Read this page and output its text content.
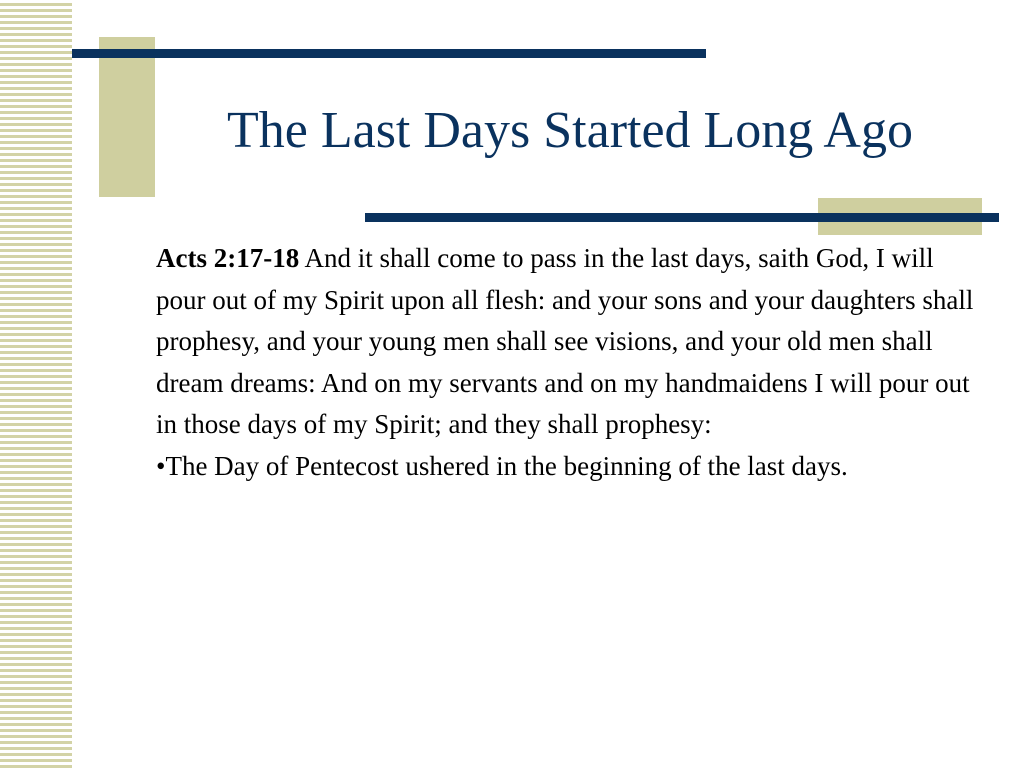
The Last Days Started Long Ago

Acts 2:17-18 And it shall come to pass in the last days, saith God, I will pour out of my Spirit upon all flesh: and your sons and your daughters shall prophesy, and your young men shall see visions, and your old men shall dream dreams: And on my servants and on my handmaidens I will pour out in those days of my Spirit; and they shall prophesy:

•The Day of Pentecost ushered in the beginning of the last days.
